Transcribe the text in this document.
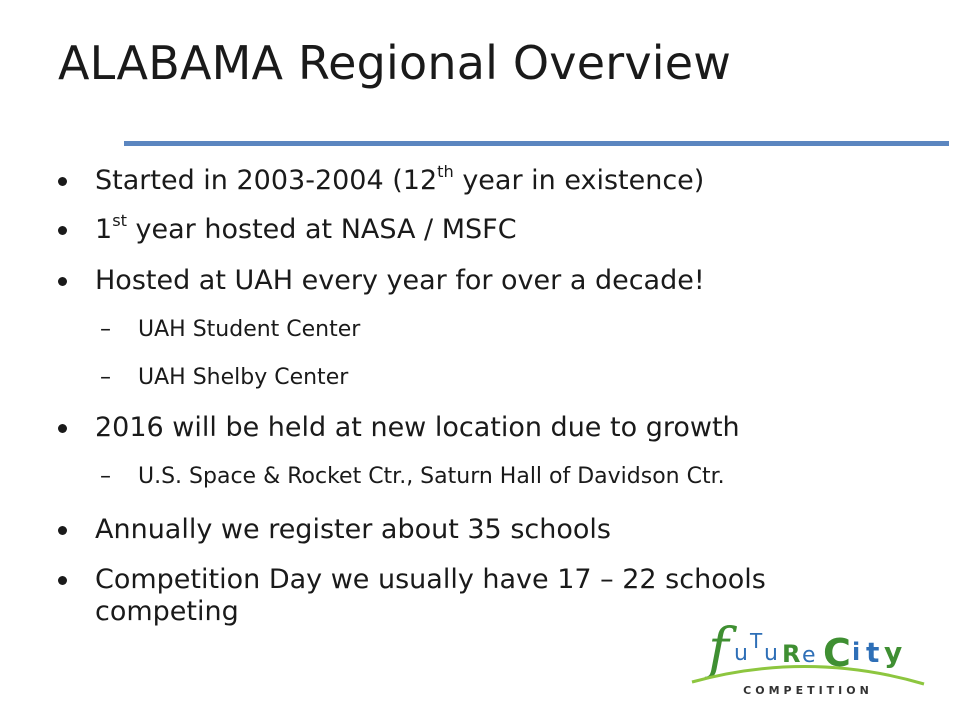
ALABAMA Regional Overview
Started in 2003-2004 (12th year in existence)
1st year hosted at NASA / MSFC
Hosted at UAH every year for over a decade!
– UAH Student Center
– UAH Shelby Center
2016 will be held at new location due to growth
– U.S. Space & Rocket Ctr., Saturn Hall of Davidson Ctr.
Annually we register about 35 schools
Competition Day we usually have 17 – 22 schools competing
f u T u R e C i t y
COMPETITION
